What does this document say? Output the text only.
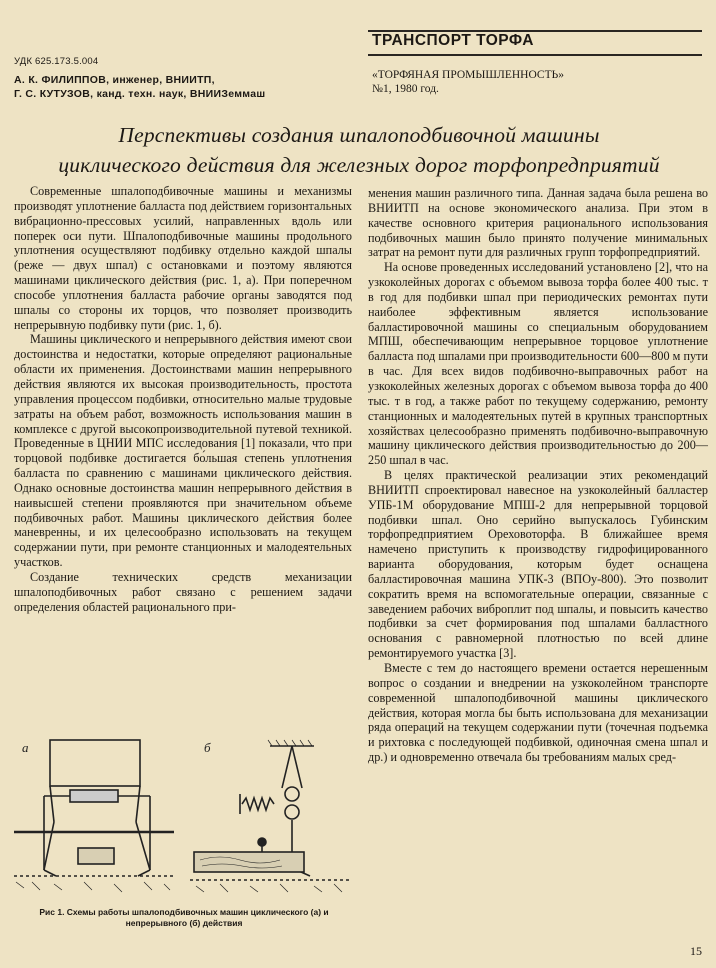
УДК 625.173.5.004
А. К. ФИЛИППОВ, инженер, ВНИИТП,
Г. С. КУТУЗОВ, канд. техн. наук, ВНИИЗеммаш
ТРАНСПОРТ ТОРФА
«ТОРФЯНАЯ ПРОМЫШЛЕННОСТЬ»
№1, 1980 год.
Перспективы создания шпалоподбивочной машины
циклического действия для железных дорог торфопредприятий

Современные шпалоподбивочные машины и механизмы производят уплотнение балласта под действием горизонтальных вибрационно-прессовых усилий, направленных вдоль или поперек оси пути. Шпалоподбивочные машины продольного уплотнения осуществляют подбивку отдельно каждой шпалы (реже — двух шпал) с остановками и поэтому являются машинами циклического действия (рис. 1, а). При поперечном способе уплотнения балласта рабочие органы заводятся под шпалы со стороны их торцов, что позволяет производить непрерывную подбивку пути (рис. 1, б).

Машины циклического и непрерывного действия имеют свои достоинства и недостатки, которые определяют рациональные области их применения. Достоинствами машин непрерывного действия являются их высокая производительность, простота управления процессом подбивки, относительно малые трудовые затраты на объем работ, возможность использования машин в комплексе с другой высокопроизводительной путевой техникой. Проведенные в ЦНИИ МПС исследования [1] показали, что при торцовой подбивке достигается бо́льшая степень уплотнения балласта по сравнению с машинами циклического действия. Однако основные достоинства машин непрерывного действия в наивысшей степени проявляются при значительном объеме подбивочных работ. Машины циклического действия более маневренны, и их целесообразно использовать на текущем содержании пути, при ремонте станционных и малодеятельных участков.

Создание технических средств механизации шпалоподбивочных работ связано с решением задачи определения областей рационального при-

менения машин различного типа. Данная задача была решена во ВНИИТП на основе экономического анализа. При этом в качестве основного критерия рационального использования подбивочных машин было принято получение минимальных затрат на ремонт пути для различных групп торфопредприятий.

На основе проведенных исследований установлено [2], что на узкоколейных дорогах с объемом вывоза торфа более 400 тыс. т в год для подбивки шпал при периодических ремонтах пути наиболее эффективным является использование балластировочной машины со специальным оборудованием МПШ, обеспечивающим непрерывное торцовое уплотнение балласта под шпалами при производительности 600—800 м пути в час. Для всех видов подбивочно-выправочных работ на узкоколейных железных дорогах с объемом вывоза торфа до 400 тыс. т в год, а также работ по текущему содержанию, ремонту станционных и малодеятельных путей в крупных транспортных хозяйствах целесообразно применять подбивочно-выправочную машину циклического действия производительностью до 200—250 шпал в час.

В целях практической реализации этих рекомендаций ВНИИТП спроектировал навесное на узкоколейный балластер УПБ-1М оборудование МПШ-2 для непрерывной торцовой подбивки шпал. Оно серийно выпускалось Губинским торфопредприятием Ореховоторфа. В ближайшее время намечено приступить к производству гидрофицированного варианта оборудования, которым будет оснащена балластировочная машина УПК-3 (ВПОу-800). Это позволит сократить время на вспомогательные операции, связанные с заведением рабочих виброплит под шпалы, и повысить качество подбивки за счет формирования под шпалами балластного основания с равномерной плотностью по всей длине ремонтируемого участка [3].

Вместе с тем до настоящего времени остается нерешенным вопрос о создании и внедрении на узкоколейном транспорте современной шпалоподбивочной машины циклического действия, которая могла бы быть использована для механизации ряда операций на текущем содержании пути (точечная подъемка и рихтовка с последующей подбивкой, одиночная смена шпал и др.) и одновременно отвечала бы требованиям малых сред-

а	б
Рис 1. Схемы работы шпалоподбивочных машин циклического (а) и
непрерывного (б) действия
15
